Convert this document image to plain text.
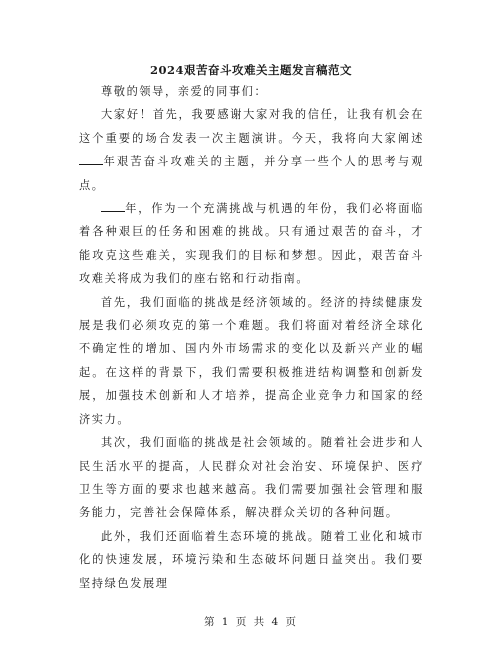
2024艰苦奋斗攻难关主题发言稿范文

尊敬的领导，亲爱的同事们：

大家好！首先，我要感谢大家对我的信任，让我有机会在这个重要的场合发表一次主题演讲。今天，我将向大家阐述年艰苦奋斗攻难关的主题，并分享一些个人的思考与观点。

年，作为一个充满挑战与机遇的年份，我们必将面临着各种艰巨的任务和困难的挑战。只有通过艰苦的奋斗，才能攻克这些难关，实现我们的目标和梦想。因此，艰苦奋斗攻难关将成为我们的座右铭和行动指南。

首先，我们面临的挑战是经济领域的。经济的持续健康发展是我们必须攻克的第一个难题。我们将面对着经济全球化不确定性的增加、国内外市场需求的变化以及新兴产业的崛起。在这样的背景下，我们需要积极推进结构调整和创新发展，加强技术创新和人才培养，提高企业竞争力和国家的经济实力。

其次，我们面临的挑战是社会领域的。随着社会进步和人民生活水平的提高，人民群众对社会治安、环境保护、医疗卫生等方面的要求也越来越高。我们需要加强社会管理和服务能力，完善社会保障体系，解决群众关切的各种问题。

此外，我们还面临着生态环境的挑战。随着工业化和城市化的快速发展，环境污染和生态破坏问题日益突出。我们要坚持绿色发展理

第 1 页 共 4 页
